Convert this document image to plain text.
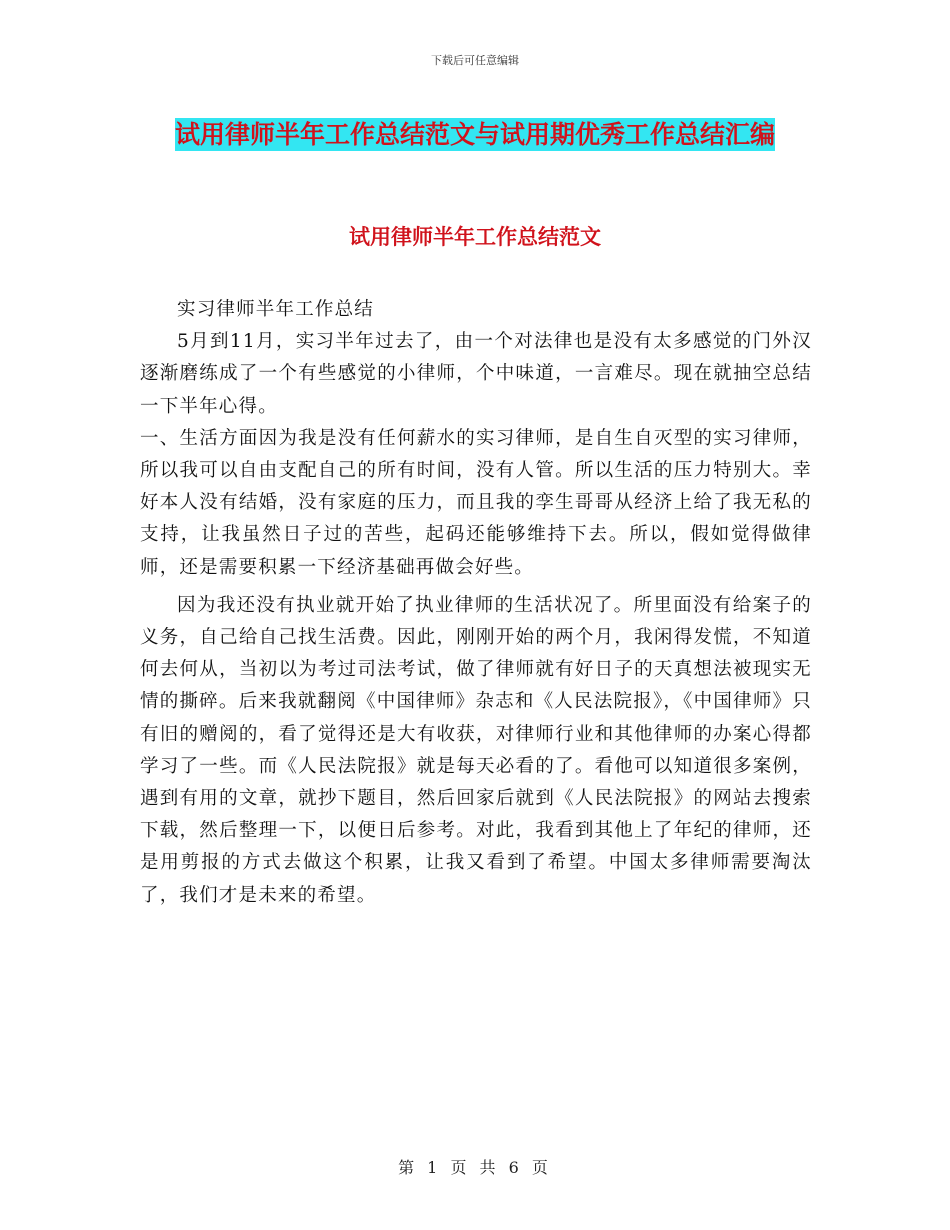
下载后可任意编辑
试用律师半年工作总结范文与试用期优秀工作总结汇编
试用律师半年工作总结范文

实习律师半年工作总结

5月到11月，实习半年过去了，由一个对法律也是没有太多感觉的门外汉逐渐磨练成了一个有些感觉的小律师，个中味道，一言难尽。现在就抽空总结一下半年心得。

一、生活方面因为我是没有任何薪水的实习律师，是自生自灭型的实习律师，所以我可以自由支配自己的所有时间，没有人管。所以生活的压力特别大。幸好本人没有结婚，没有家庭的压力，而且我的孪生哥哥从经济上给了我无私的支持，让我虽然日子过的苦些，起码还能够维持下去。所以，假如觉得做律师，还是需要积累一下经济基础再做会好些。

因为我还没有执业就开始了执业律师的生活状况了。所里面没有给案子的义务，自己给自己找生活费。因此，刚刚开始的两个月，我闲得发慌，不知道何去何从，当初以为考过司法考试，做了律师就有好日子的天真想法被现实无情的撕碎。后来我就翻阅《中国律师》杂志和《人民法院报》，《中国律师》只有旧的赠阅的，看了觉得还是大有收获，对律师行业和其他律师的办案心得都学习了一些。而《人民法院报》就是每天必看的了。看他可以知道很多案例，遇到有用的文章，就抄下题目，然后回家后就到《人民法院报》的网站去搜索下载，然后整理一下，以便日后参考。对此，我看到其他上了年纪的律师，还是用剪报的方式去做这个积累，让我又看到了希望。中国太多律师需要淘汰了，我们才是未来的希望。

第 1 页 共 6 页
